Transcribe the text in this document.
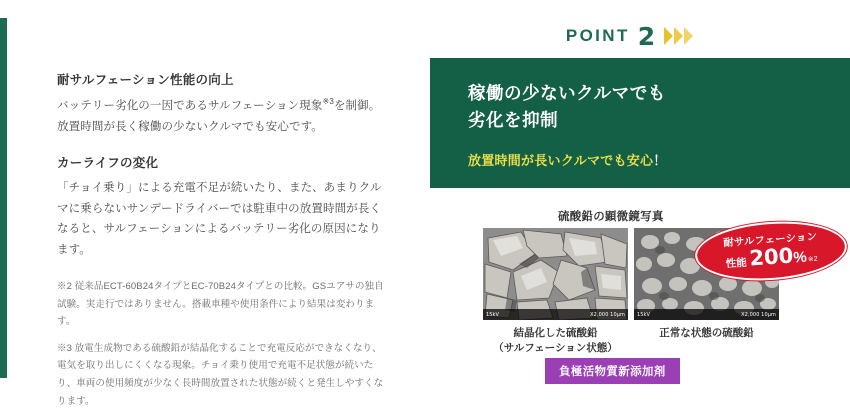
耐サルフェーション性能の向上

バッテリー劣化の一因であるサルフェーション現象$^{※3}$を制御。放置時間が長く稼働の少ないクルマでも安心です。

カーライフの変化

「チョイ乗り」による充電不足が続いたり、また、あまりクルマに乗らないサンデードライバーでは駐車中の放置時間が長くなると、サルフェーションによるバッテリー劣化の原因になります。

※2 従来品ECT-60B24タイプとEC-70B24タイプとの比較。GSユアサの独自試験。実走行ではありません。搭載車種や使用条件により結果は変わります。

※3 放電生成物である硫酸鉛が結晶化することで充電反応ができなくなり、電気を取り出しにくくなる現象。チョイ乗り使用で充電不足状態が続いたり、車両の使用頻度が少なく長時間放置された状態が続くと発生しやすくなります。

POINT 2
稼働の少ないクルマでも
劣化を抑制
放置時間が長いクルマでも安心！
硫酸鉛の顕微鏡写真
15kV	X2,000 10μm 15kV	X2,000 10μm
結晶化した硫酸鉛
（サルフェーション状態）
正常な状態の硫酸鉛
耐サルフェーション
性能 200
% ※2
負極活物質新添加剤
